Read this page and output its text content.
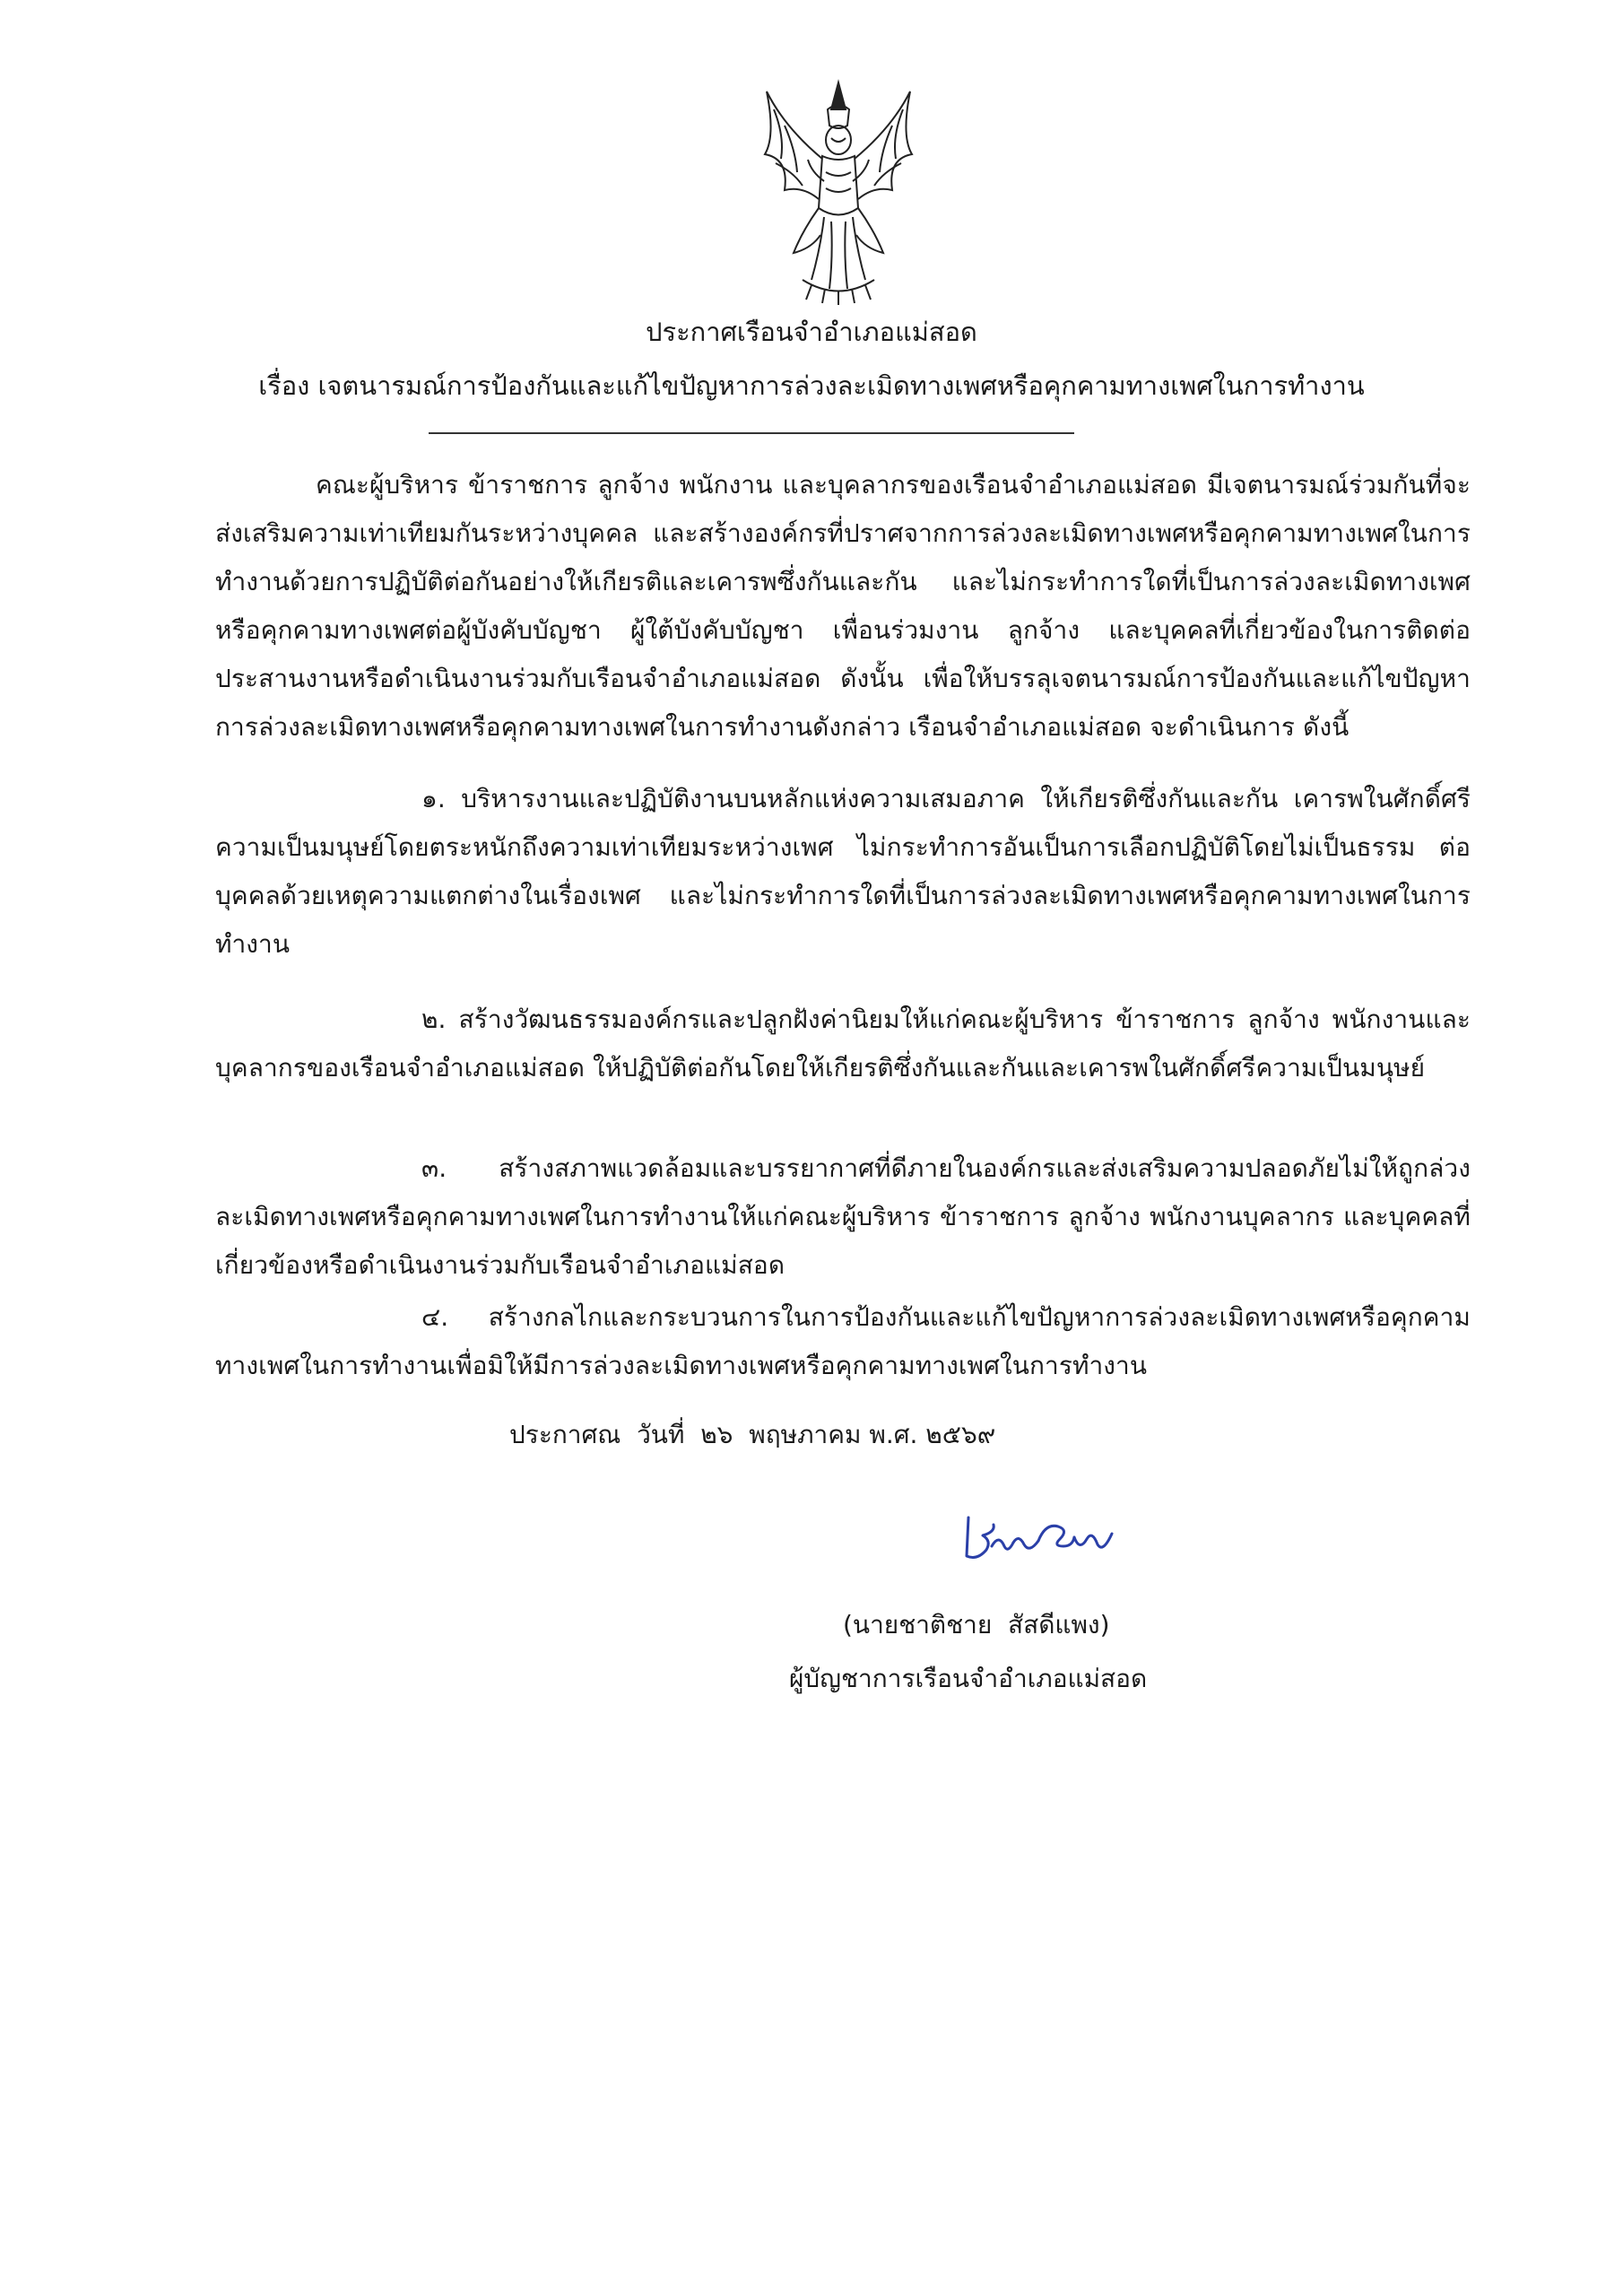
ประกาศเรือนจำอำเภอแม่สอด
เรื่อง เจตนารมณ์การป้องกันและแก้ไขปัญหาการล่วงละเมิดทางเพศหรือคุกคามทางเพศในการทำงาน
คณะผู้บริหาร ข้าราชการ ลูกจ้าง พนักงาน และบุคลากรของเรือนจำอำเภอแม่สอด มีเจตนารมณ์ร่วมกันที่จะส่งเสริมความเท่าเทียมกันระหว่างบุคคล และสร้างองค์กรที่ปราศจากการล่วงละเมิดทางเพศหรือคุกคามทางเพศในการทำงานด้วยการปฏิบัติต่อกันอย่างให้เกียรติและเคารพซึ่งกันและกัน และไม่กระทำการใดที่เป็นการล่วงละเมิดทางเพศหรือคุกคามทางเพศต่อผู้บังคับบัญชา ผู้ใต้บังคับบัญชา เพื่อนร่วมงาน ลูกจ้าง และบุคคลที่เกี่ยวข้องในการติดต่อประสานงานหรือดำเนินงานร่วมกับเรือนจำอำเภอแม่สอด ดังนั้น เพื่อให้บรรลุเจตนารมณ์การป้องกันและแก้ไขปัญหาการล่วงละเมิดทางเพศหรือคุกคามทางเพศในการทำงานดังกล่าว เรือนจำอำเภอแม่สอด จะดำเนินการ ดังนี้
๑. บริหารงานและปฏิบัติงานบนหลักแห่งความเสมอภาค ให้เกียรติซึ่งกันและกัน เคารพในศักดิ์ศรีความเป็นมนุษย์โดยตระหนักถึงความเท่าเทียมระหว่างเพศ ไม่กระทำการอันเป็นการเลือกปฏิบัติโดยไม่เป็นธรรม ต่อบุคคลด้วยเหตุความแตกต่างในเรื่องเพศ และไม่กระทำการใดที่เป็นการล่วงละเมิดทางเพศหรือคุกคามทางเพศในการทำงาน
๒. สร้างวัฒนธรรมองค์กรและปลูกฝังค่านิยมให้แก่คณะผู้บริหาร ข้าราชการ ลูกจ้าง พนักงานและบุคลากรของเรือนจำอำเภอแม่สอด ให้ปฏิบัติต่อกันโดยให้เกียรติซึ่งกันและกันและเคารพในศักดิ์ศรีความเป็นมนุษย์
๓. สร้างสภาพแวดล้อมและบรรยากาศที่ดีภายในองค์กรและส่งเสริมความปลอดภัยไม่ให้ถูกล่วงละเมิดทางเพศหรือคุกคามทางเพศในการทำงานให้แก่คณะผู้บริหาร ข้าราชการ ลูกจ้าง พนักงานบุคลากร และบุคคลที่เกี่ยวข้องหรือดำเนินงานร่วมกับเรือนจำอำเภอแม่สอด
๔. สร้างกลไกและกระบวนการในการป้องกันและแก้ไขปัญหาการล่วงละเมิดทางเพศหรือคุกคามทางเพศในการทำงานเพื่อมิให้มีการล่วงละเมิดทางเพศหรือคุกคามทางเพศในการทำงาน
ประกาศณ  วันที่  ๒๖  พฤษภาคม พ.ศ. ๒๕๖๙
(นายชาติชาย  สัสดีแพง)
ผู้บัญชาการเรือนจำอำเภอแม่สอด
